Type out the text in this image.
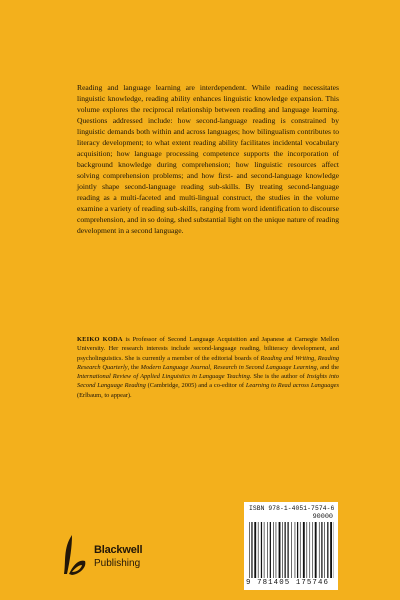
Reading and language learning are interdependent. While reading necessitates linguistic knowledge, reading ability enhances linguistic knowledge expansion. This volume explores the reciprocal relationship between reading and language learning. Questions addressed include: how second-language reading is constrained by linguistic demands both within and across languages; how bilingualism contributes to literacy development; to what extent reading ability facilitates incidental vocabulary acquisition; how language processing competence supports the incorporation of background knowledge during comprehension; how linguistic resources affect solving comprehension problems; and how first- and second-language knowledge jointly shape second-language reading sub-skills. By treating second-language reading as a multi-faceted and multi-lingual construct, the studies in the volume examine a variety of reading sub-skills, ranging from word identification to discourse comprehension, and in so doing, shed substantial light on the unique nature of reading development in a second language.

KEIKO KODA is Professor of Second Language Acquisition and Japanese at Carnegie Mellon University. Her research interests include second-language reading, biliteracy development, and psycholinguistics. She is currently a member of the editorial boards of Reading and Writing, Reading Research Quarterly, the Modern Language Journal, Research in Second Language Learning, and the International Review of Applied Linguistics in Language Teaching. She is the author of Insights into Second Language Reading (Cambridge, 2005) and a co-editor of Learning to Read across Languages (Erlbaum, to appear).

Blackwell
Publishing
ISBN 978-1-4051-7574-6
90000
9 781405 175746
